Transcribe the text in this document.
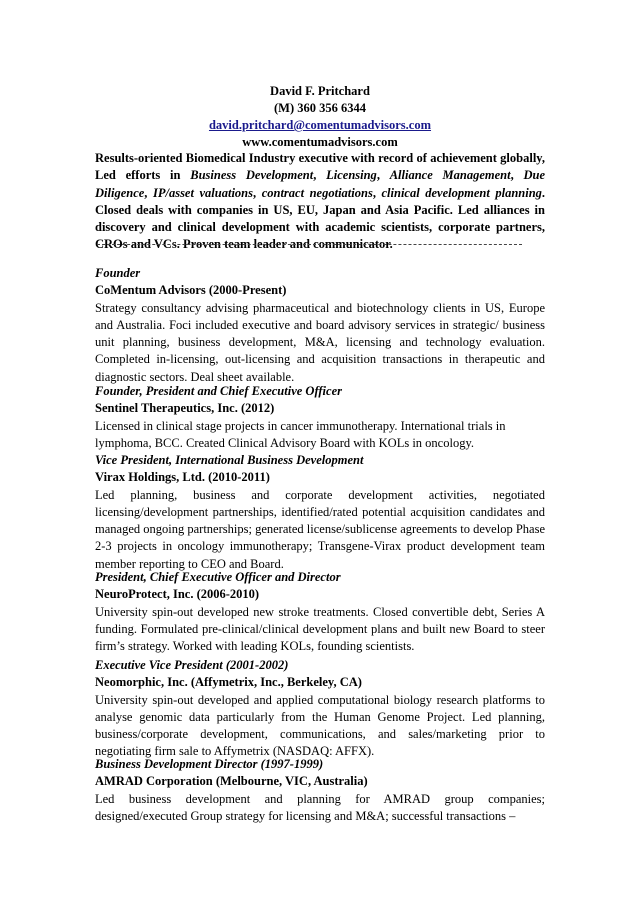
David F. Pritchard
(M) 360 356 6344
david.pritchard@comentumadvisors.com
www.comentumadvisors.com
Results-oriented Biomedical Industry executive with record of achievement globally, Led efforts in Business Development, Licensing, Alliance Management, Due Diligence, IP/asset valuations, contract negotiations, clinical development planning. Closed deals with companies in US, EU, Japan and Asia Pacific. Led alliances in discovery and clinical development with academic scientists, corporate partners, CROs and VCs. Proven team leader and communicator.
Founder
CoMentum Advisors (2000-Present)
Strategy consultancy advising pharmaceutical and biotechnology clients in US, Europe and Australia. Foci included executive and board advisory services in strategic/ business unit planning, business development, M&A, licensing and technology evaluation. Completed in-licensing, out-licensing and acquisition transactions in therapeutic and diagnostic sectors. Deal sheet available.
Founder, President and Chief Executive Officer
Sentinel Therapeutics, Inc. (2012)
Licensed in clinical stage projects in cancer immunotherapy. International trials in lymphoma, BCC. Created Clinical Advisory Board with KOLs in oncology.
Vice President, International Business Development
Virax Holdings, Ltd. (2010-2011)
Led planning, business and corporate development activities, negotiated licensing/development partnerships, identified/rated potential acquisition candidates and managed ongoing partnerships; generated license/sublicense agreements to develop Phase 2-3 projects in oncology immunotherapy; Transgene-Virax product development team member reporting to CEO and Board.
President, Chief Executive Officer and Director
NeuroProtect, Inc. (2006-2010)
University spin-out developed new stroke treatments. Closed convertible debt, Series A funding. Formulated pre-clinical/clinical development plans and built new Board to steer firm’s strategy. Worked with leading KOLs, founding scientists.
Executive Vice President (2001-2002)
Neomorphic, Inc. (Affymetrix, Inc., Berkeley, CA)
University spin-out developed and applied computational biology research platforms to analyse genomic data particularly from the Human Genome Project. Led planning, business/corporate development, communications, and sales/marketing prior to negotiating firm sale to Affymetrix (NASDAQ: AFFX).
Business Development Director (1997-1999)
AMRAD Corporation (Melbourne, VIC, Australia)
Led business development and planning for AMRAD group companies; designed/executed Group strategy for licensing and M&A; successful transactions –
